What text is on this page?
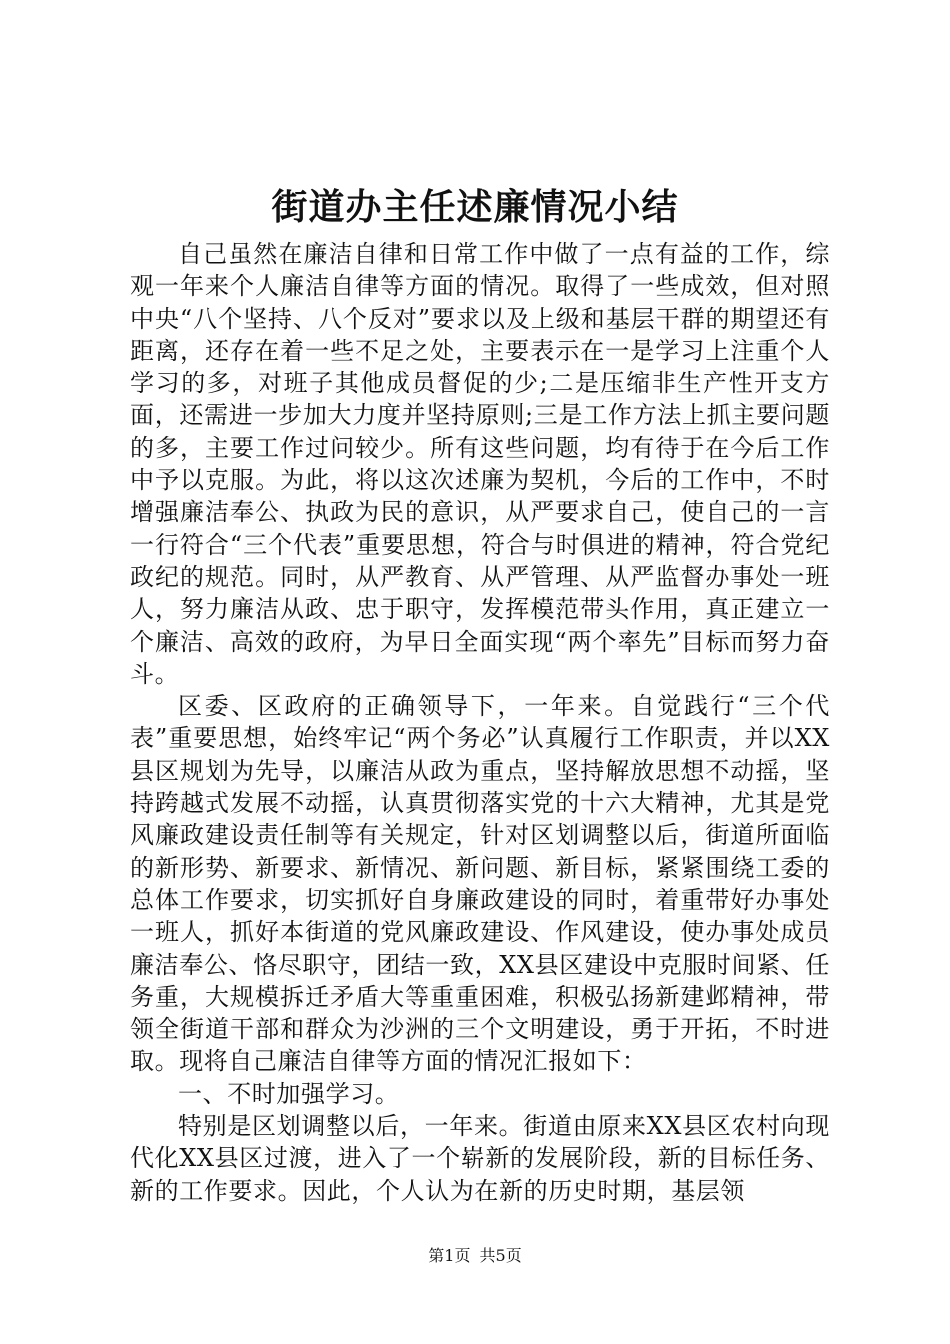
街道办主任述廉情况小结

自己虽然在廉洁自律和日常工作中做了一点有益的工作，综观一年来个人廉洁自律等方面的情况。取得了一些成效，但对照中央“八个坚持、八个反对”要求以及上级和基层干群的期望还有距离，还存在着一些不足之处，主要表示在一是学习上注重个人学习的多，对班子其他成员督促的少;二是压缩非生产性开支方面，还需进一步加大力度并坚持原则;三是工作方法上抓主要问题的多，主要工作过问较少。所有这些问题，均有待于在今后工作中予以克服。为此，将以这次述廉为契机，今后的工作中，不时增强廉洁奉公、执政为民的意识，从严要求自己，使自己的一言一行符合“三个代表”重要思想，符合与时俱进的精神，符合党纪政纪的规范。同时，从严教育、从严管理、从严监督办事处一班人，努力廉洁从政、忠于职守，发挥模范带头作用，真正建立一个廉洁、高效的政府，为早日全面实现“两个率先”目标而努力奋斗。

区委、区政府的正确领导下，一年来。自觉践行“三个代表”重要思想，始终牢记“两个务必”认真履行工作职责，并以XX县区规划为先导，以廉洁从政为重点，坚持解放思想不动摇，坚持跨越式发展不动摇，认真贯彻落实党的十六大精神，尤其是党风廉政建设责任制等有关规定，针对区划调整以后，街道所面临的新形势、新要求、新情况、新问题、新目标，紧紧围绕工委的总体工作要求，切实抓好自身廉政建设的同时，着重带好办事处一班人，抓好本街道的党风廉政建设、作风建设，使办事处成员廉洁奉公、恪尽职守，团结一致，XX县区建设中克服时间紧、任务重，大规模拆迁矛盾大等重重困难，积极弘扬新建邺精神，带领全街道干部和群众为沙洲的三个文明建设，勇于开拓，不时进取。现将自己廉洁自律等方面的情况汇报如下：

一、不时加强学习。

特别是区划调整以后，一年来。街道由原来XX县区农村向现代化XX县区过渡，进入了一个崭新的发展阶段，新的目标任务、新的工作要求。因此，个人认为在新的历史时期，基层领

第1页 共5页
